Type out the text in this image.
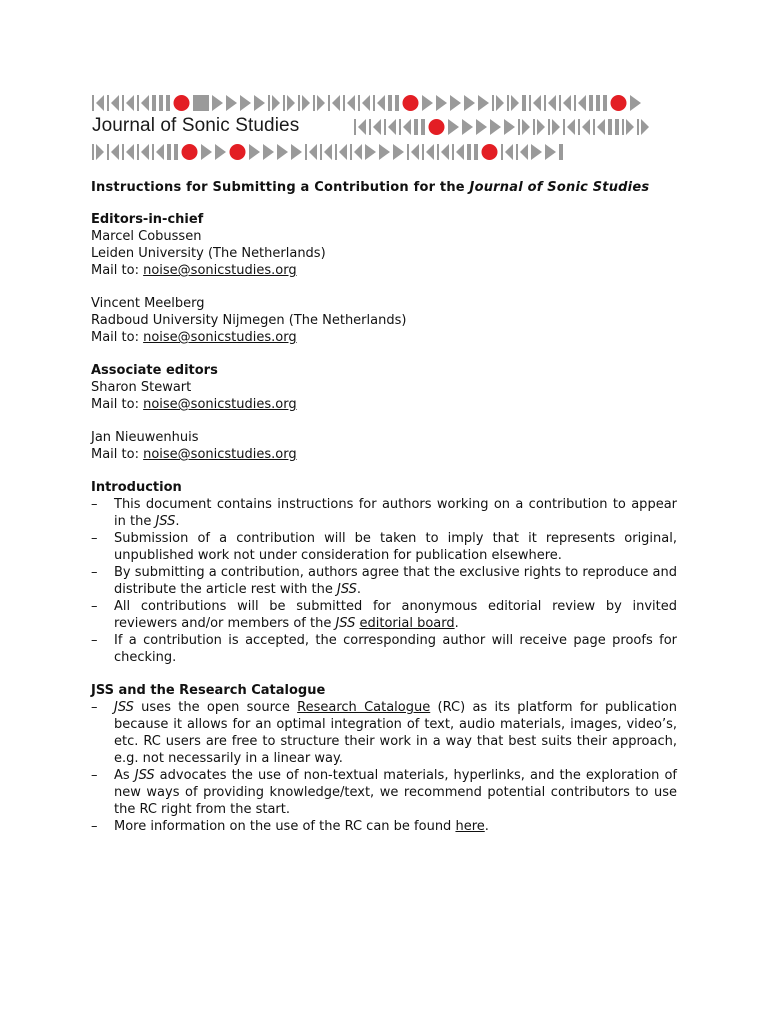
Journal of Sonic Studies

Instructions for Submitting a Contribution for the Journal of Sonic Studies

Editors-in-chief

Marcel Cobussen

Leiden University (The Netherlands)

Mail to: noise@sonicstudies.org

Vincent Meelberg

Radboud University Nijmegen (The Netherlands)

Mail to: noise@sonicstudies.org

Associate editors

Sharon Stewart

Mail to: noise@sonicstudies.org

Jan Nieuwenhuis

Mail to: noise@sonicstudies.org

Introduction
– This document contains instructions for authors working on a contribution to appear in the JSS.
– Submission of a contribution will be taken to imply that it represents original, unpublished work not under consideration for publication elsewhere.
– By submitting a contribution, authors agree that the exclusive rights to reproduce and distribute the article rest with the JSS.
– All contributions will be submitted for anonymous editorial review by invited reviewers and/or members of the JSS editorial board.
– If a contribution is accepted, the corresponding author will receive page proofs for checking.
JSS and the Research Catalogue
– JSS uses the open source Research Catalogue (RC) as its platform for publication because it allows for an optimal integration of text, audio materials, images, video’s, etc. RC users are free to structure their work in a way that best suits their approach, e.g. not necessarily in a linear way.
– As JSS advocates the use of non-textual materials, hyperlinks, and the exploration of new ways of providing knowledge/text, we recommend potential contributors to use the RC right from the start.
– More information on the use of the RC can be found here.
